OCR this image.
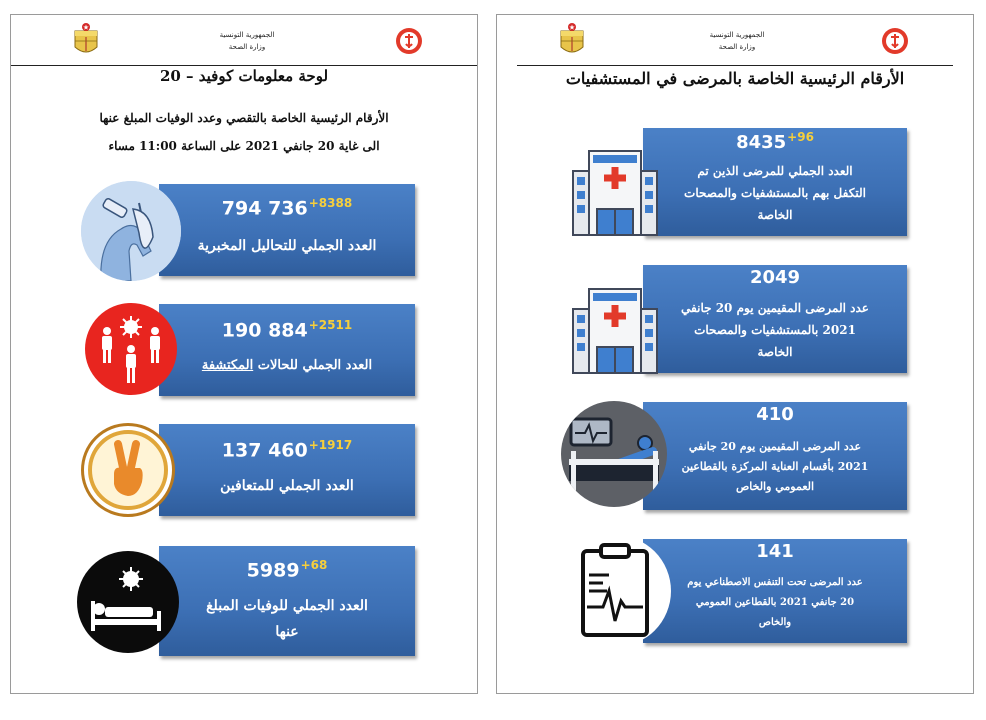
الجمهورية التونسية
وزارة الصحة
لوحة معلومات كوفيد – 20
الأرقام الرئيسية الخاصة بالتقصي وعدد الوفيات المبلغ عنها
الى غاية 20 جانفي 2021 على الساعة 11:00 مساء
794 $736^{+8388}$
العدد الجملي للتحاليل المخبرية
190 $884^{+2511}$
العدد الجملي للحالات المكتشفة
137 $460^{+1917}$
العدد الجملي للمتعافين
$5989^{+68}$
العدد الجملي للوفيات المبلغ
عنها
الجمهورية التونسية
وزارة الصحة
الأرقام الرئيسية الخاصة بالمرضى في المستشفيات
$8435^{+96}$
العدد الجملي للمرضى الذين تم
التكفل بهم بالمستشفيات والمصحات
الخاصة
2049
عدد المرضى المقيمين يوم 20 جانفي
2021 بالمستشفيات والمصحات
الخاصة
410
عدد المرضى المقيمين يوم 20 جانفي
2021 بأقسام العناية المركزة بالقطاعين
العمومي والخاص
141
عدد المرضى تحت التنفس الاصطناعي يوم
20 جانفي 2021 بالقطاعين العمومي
والخاص
